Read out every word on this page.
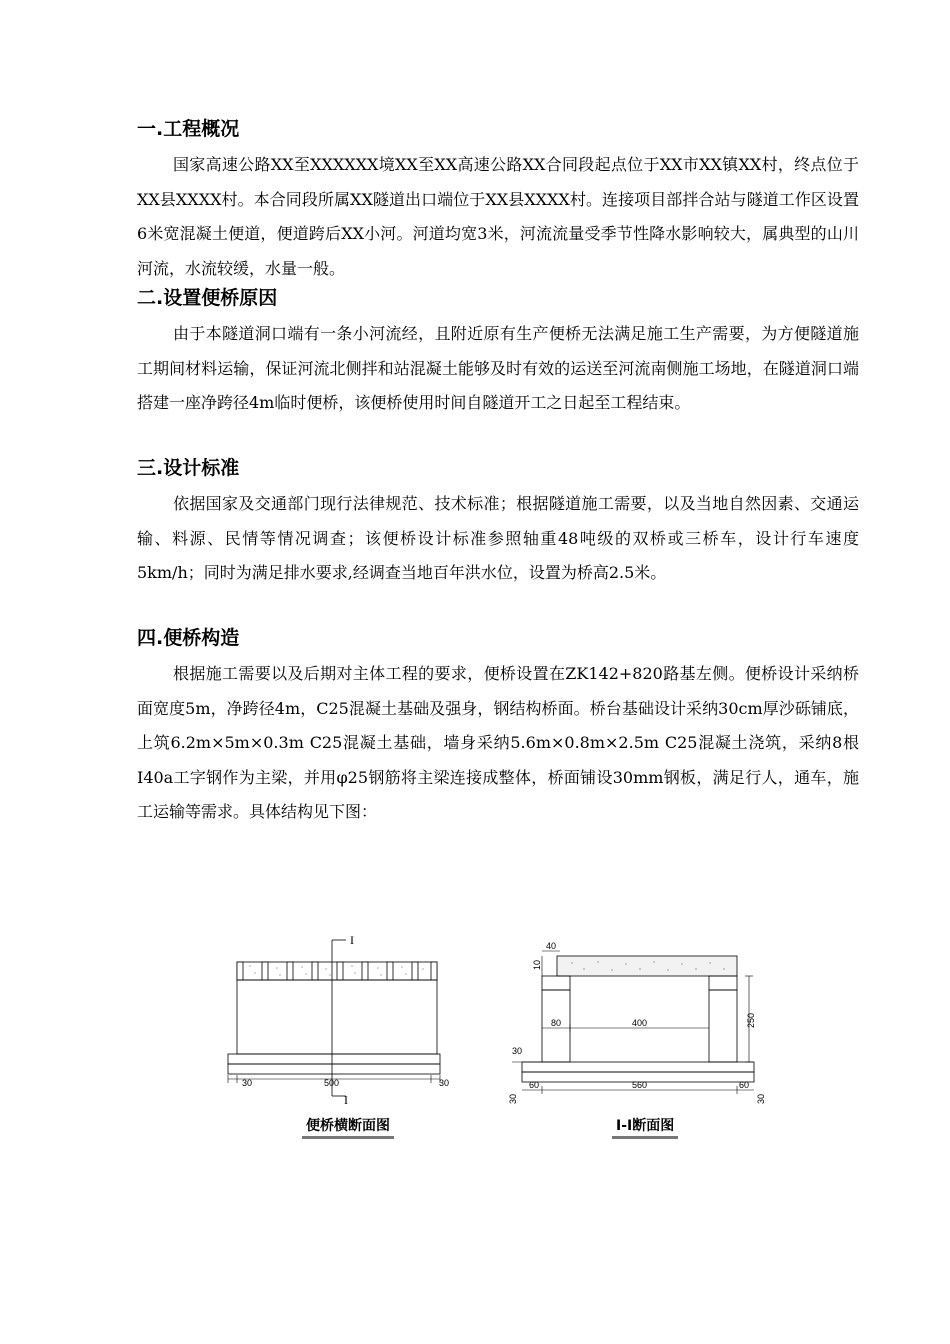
一.工程概况

国家高速公路XX至XXXXXX境XX至XX高速公路XX合同段起点位于XX市XX镇XX村，终点位于XX县XXXX村。本合同段所属XX隧道出口端位于XX县XXXX村。连接项目部拌合站与隧道工作区设置6米宽混凝土便道，便道跨后XX小河。河道均宽3米，河流流量受季节性降水影响较大，属典型的山川河流，水流较缓，水量一般。

二.设置便桥原因

由于本隧道洞口端有一条小河流经，且附近原有生产便桥无法满足施工生产需要，为方便隧道施工期间材料运输，保证河流北侧拌和站混凝土能够及时有效的运送至河流南侧施工场地，在隧道洞口端搭建一座净跨径4m临时便桥，该便桥使用时间自隧道开工之日起至工程结束。

三.设计标准

依据国家及交通部门现行法律规范、技术标准；根据隧道施工需要，以及当地自然因素、交通运输、料源、民情等情况调查；该便桥设计标准参照轴重48吨级的双桥或三桥车，设计行车速度5km/h；同时为满足排水要求,经调查当地百年洪水位，设置为桥高2.5米。

四.便桥构造

根据施工需要以及后期对主体工程的要求，便桥设置在ZK142+820路基左侧。便桥设计采纳桥面宽度5m，净跨径4m，C25混凝土基础及强身，钢结构桥面。桥台基础设计采纳30cm厚沙砾铺底，上筑6.2m×5m×0.3m C25混凝土基础，墙身采纳5.6m×0.8m×2.5m C25混凝土浇筑，采纳8根I40a工字钢作为主梁，并用φ25钢筋将主梁连接成整体，桥面铺设30mm钢板，满足行人，通车，施工运输等需求。具体结构见下图：

I
I
30	500	30
便桥横断面图
40
10
80	400	250
30
60	560	60
30	30
I-I断面图
